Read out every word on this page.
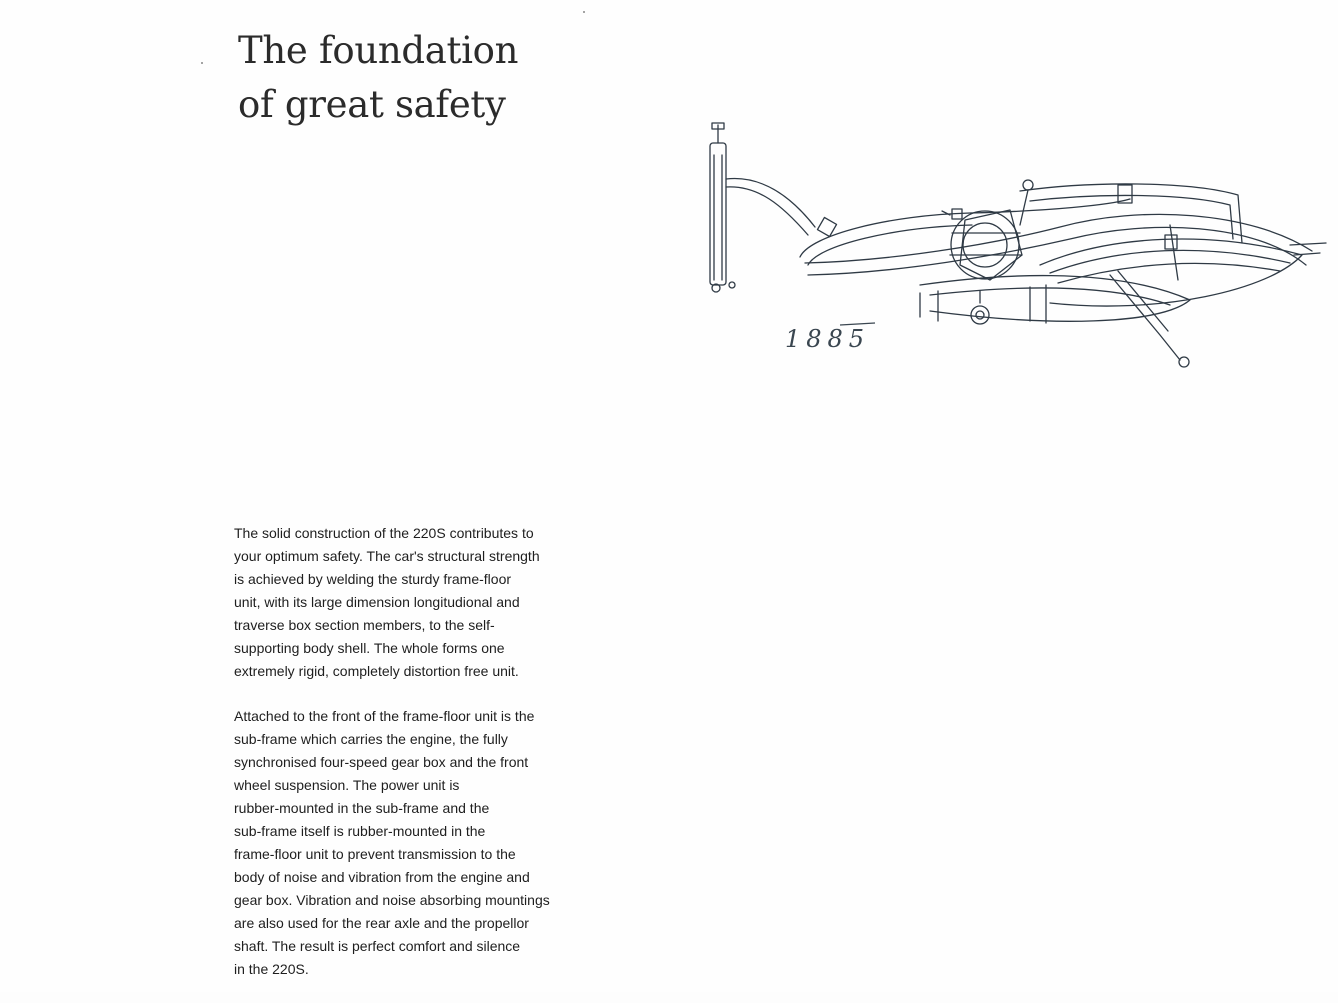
The foundation
of great safety
1885

The solid construction of the 220S contributes to
your optimum safety. The car's structural strength
is achieved by welding the sturdy frame-floor
unit, with its large dimension longitudional and
traverse box section members, to the self-
supporting body shell. The whole forms one
extremely rigid, completely distortion free unit.

Attached to the front of the frame-floor unit is the
sub-frame which carries the engine, the fully
synchronised four-speed gear box and the front
wheel suspension. The power unit is
rubber-mounted in the sub-frame and the
sub-frame itself is rubber-mounted in the
frame-floor unit to prevent transmission to the
body of noise and vibration from the engine and
gear box. Vibration and noise absorbing mountings
are also used for the rear axle and the propellor
shaft. The result is perfect comfort and silence
in the 220S.
